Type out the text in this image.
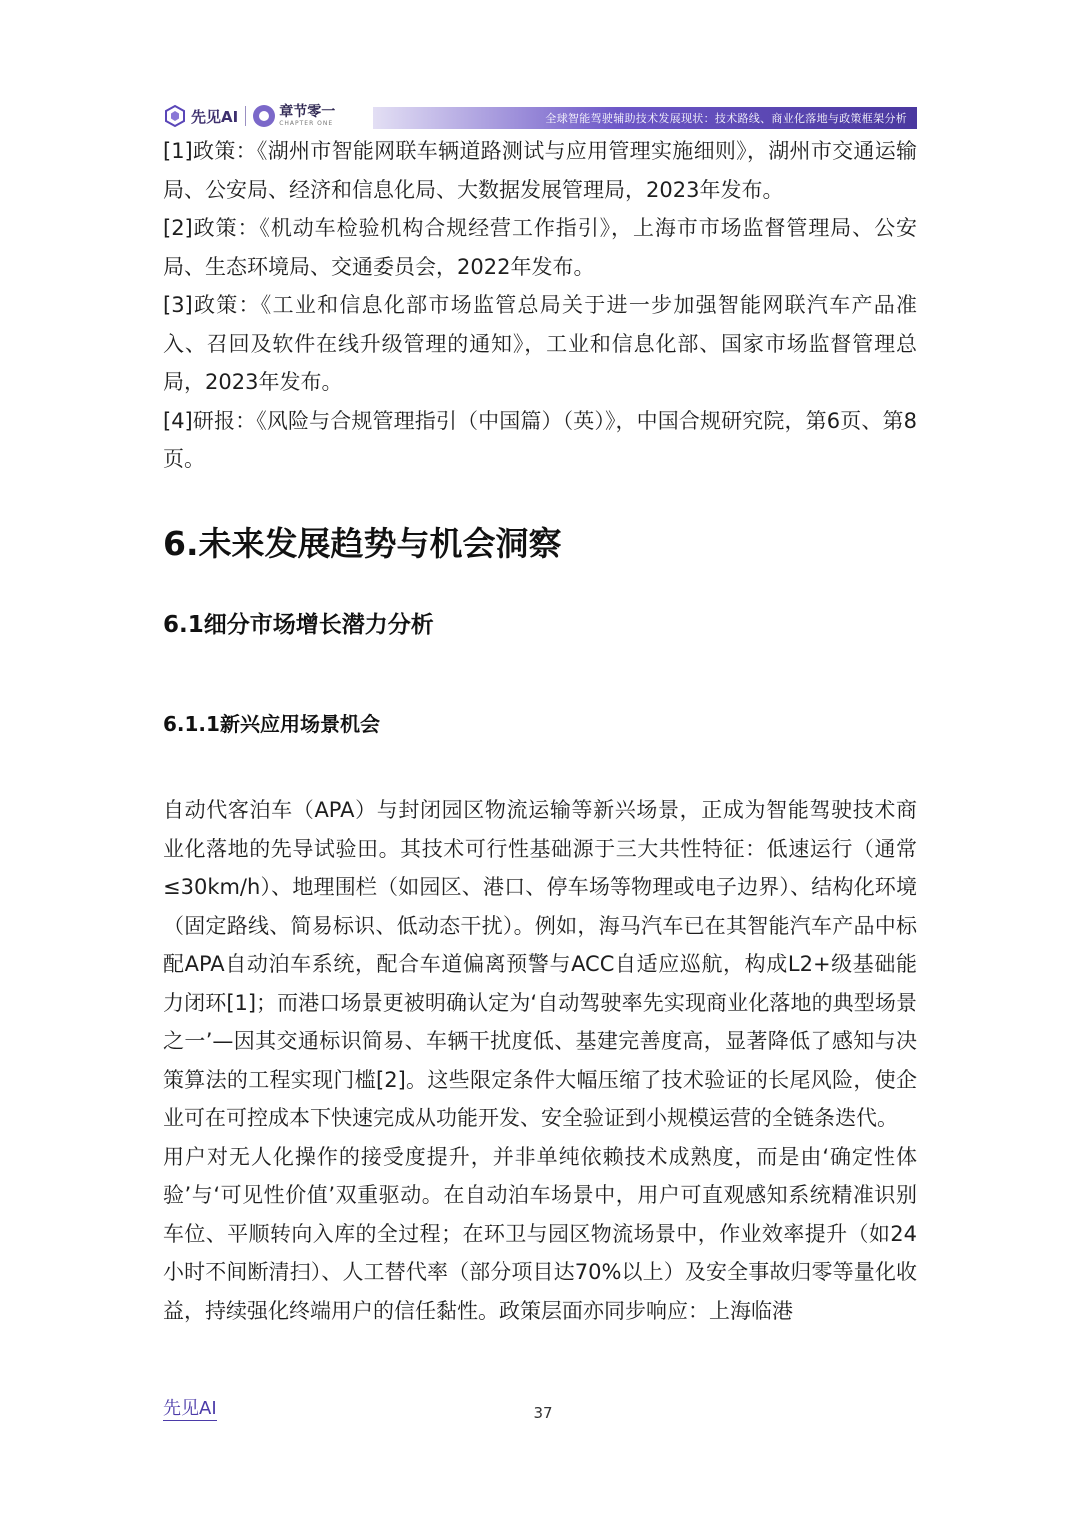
先见AI	章节零一
CHAPTER ONE	全球智能驾驶辅助技术发展现状：技术路线、商业化落地与政策框架分析

[1]政策：《湖州市智能网联车辆道路测试与应用管理实施细则》，湖州市交通运输局、公安局、经济和信息化局、大数据发展管理局，2023年发布。

[2]政策：《机动车检验机构合规经营工作指引》，上海市市场监督管理局、公安局、生态环境局、交通委员会，2022年发布。

[3]政策：《工业和信息化部市场监管总局关于进一步加强智能网联汽车产品准入、召回及软件在线升级管理的通知》，工业和信息化部、国家市场监督管理总局，2023年发布。

[4]研报：《风险与合规管理指引（中国篇）（英）》，中国合规研究院，第6页、第8页。

6.未来发展趋势与机会洞察
6.1细分市场增长潜力分析
6.1.1新兴应用场景机会

自动代客泊车（APA）与封闭园区物流运输等新兴场景，正成为智能驾驶技术商业化落地的先导试验田。其技术可行性基础源于三大共性特征：低速运行（通常≤30km/h）、地理围栏（如园区、港口、停车场等物理或电子边界）、结构化环境（固定路线、简易标识、低动态干扰）。例如，海马汽车已在其智能汽车产品中标配APA自动泊车系统，配合车道偏离预警与ACC自适应巡航，构成L2+级基础能力闭环[1]；而港口场景更被明确认定为‘自动驾驶率先实现商业化落地的典型场景之一’—因其交通标识简易、车辆干扰度低、基建完善度高，显著降低了感知与决策算法的工程实现门槛[2]。这些限定条件大幅压缩了技术验证的长尾风险，使企业可在可控成本下快速完成从功能开发、安全验证到小规模运营的全链条迭代。

用户对无人化操作的接受度提升，并非单纯依赖技术成熟度，而是由‘确定性体验’与‘可见性价值’双重驱动。在自动泊车场景中，用户可直观感知系统精准识别车位、平顺转向入库的全过程；在环卫与园区物流场景中，作业效率提升（如24小时不间断清扫）、人工替代率（部分项目达70%以上）及安全事故归零等量化收益，持续强化终端用户的信任黏性。政策层面亦同步响应：上海临港

先见AI	37
